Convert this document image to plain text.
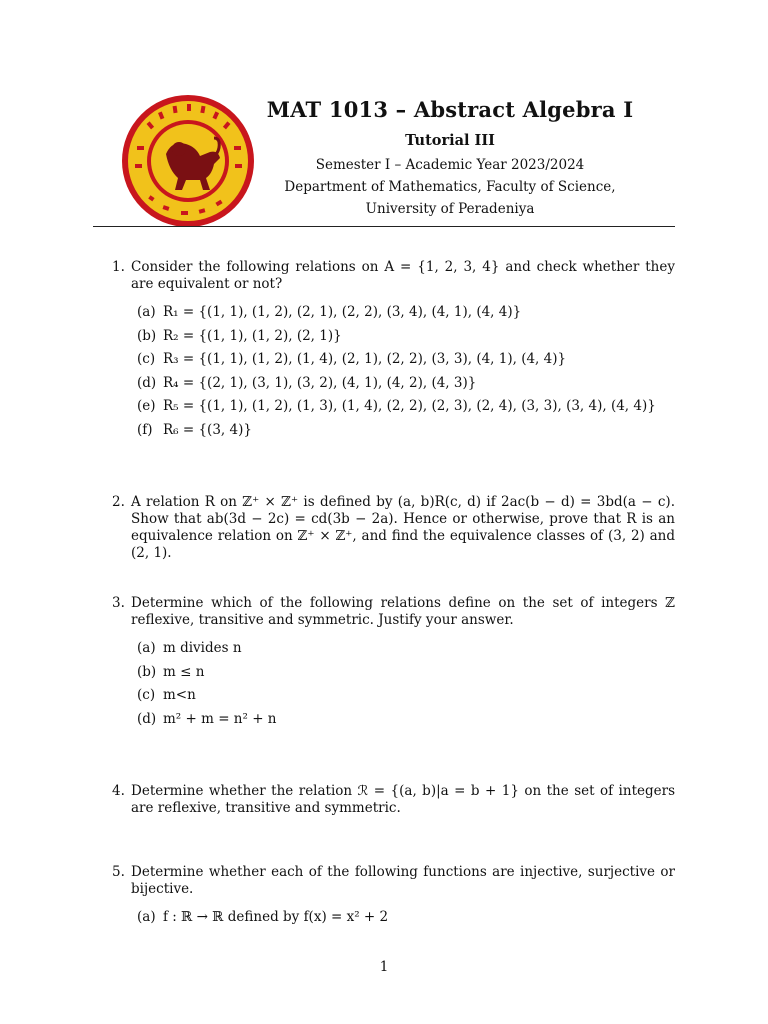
MAT 1013 – Abstract Algebra I
Tutorial III
Semester I – Academic Year 2023/2024
Department of Mathematics, Faculty of Science,
University of Peradeniya
1. Consider the following relations on A = {1, 2, 3, 4} and check whether they are equivalent or not?
(a) R₁ = {(1, 1), (1, 2), (2, 1), (2, 2), (3, 4), (4, 1), (4, 4)}
(b) R₂ = {(1, 1), (1, 2), (2, 1)}
(c) R₃ = {(1, 1), (1, 2), (1, 4), (2, 1), (2, 2), (3, 3), (4, 1), (4, 4)}
(d) R₄ = {(2, 1), (3, 1), (3, 2), (4, 1), (4, 2), (4, 3)}
(e) R₅ = {(1, 1), (1, 2), (1, 3), (1, 4), (2, 2), (2, 3), (2, 4), (3, 3), (3, 4), (4, 4)}
(f) R₆ = {(3, 4)}
2. A relation R on ℤ⁺ × ℤ⁺ is defined by (a, b)R(c, d) if 2ac(b − d) = 3bd(a − c). Show that ab(3d − 2c) = cd(3b − 2a). Hence or otherwise, prove that R is an equivalence relation on ℤ⁺ × ℤ⁺, and find the equivalence classes of (3, 2) and (2, 1).
3. Determine which of the following relations define on the set of integers ℤ reflexive, transitive and symmetric. Justify your answer.
(a) m divides n
(b) m ≤ n
(c) m<n
(d) m² + m = n² + n
4. Determine whether the relation ℛ = {(a, b)|a = b + 1} on the set of integers are reflexive, transitive and symmetric.
5. Determine whether each of the following functions are injective, surjective or bijective.
(a) f : ℝ → ℝ defined by f(x) = x² + 2
1
